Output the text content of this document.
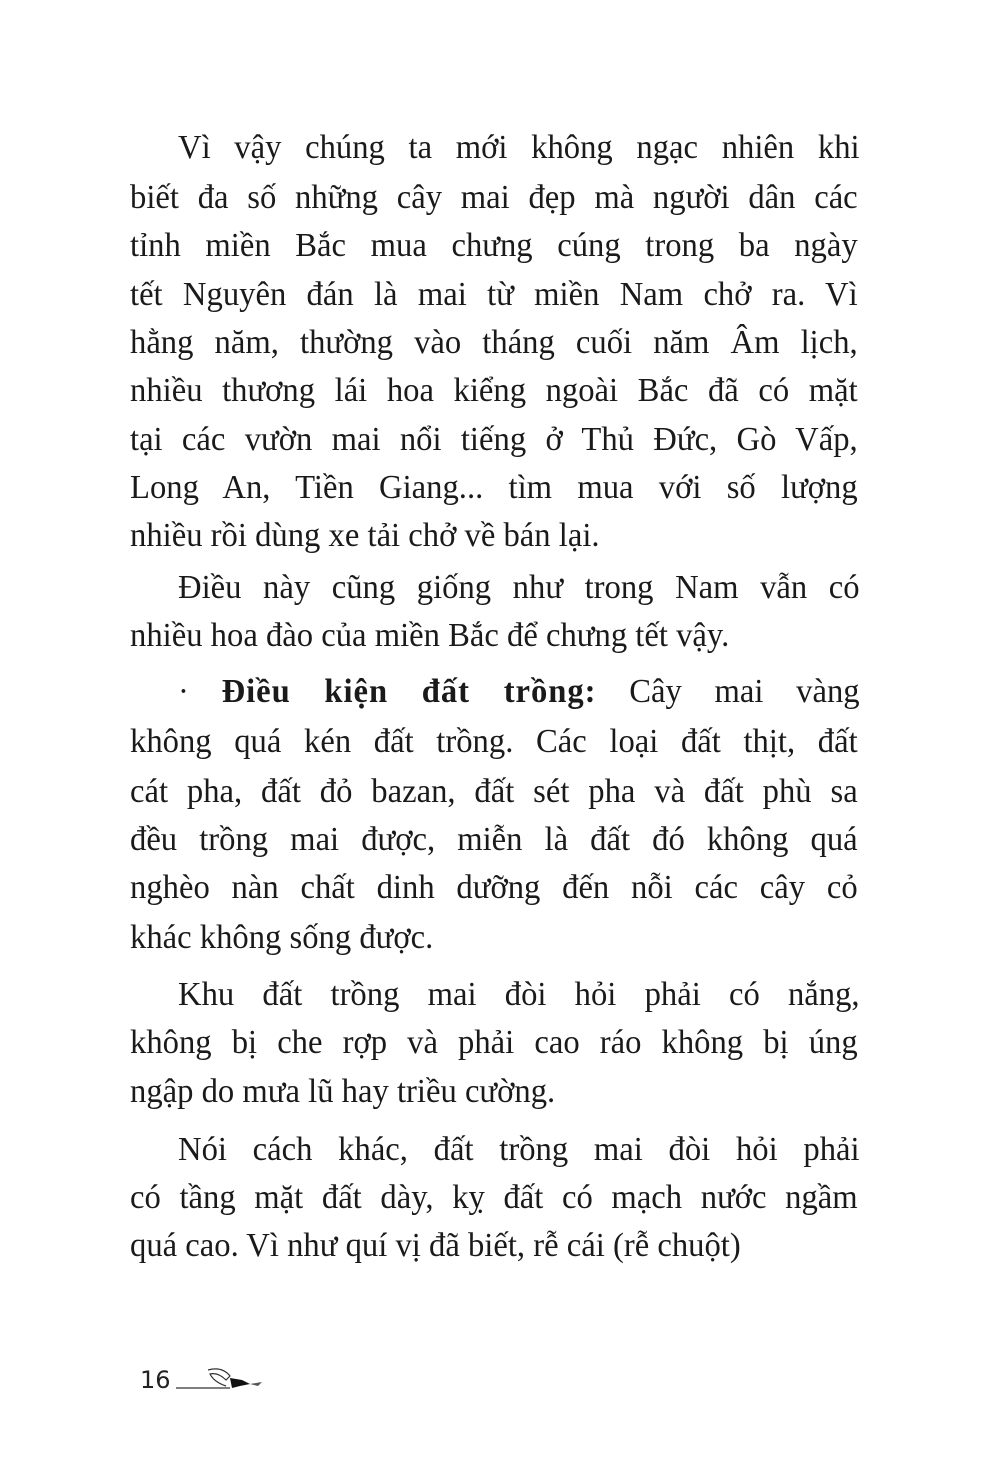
Vì vậy chúng ta mới không ngạc nhiên khi
biết đa số những cây mai đẹp mà người dân các
tỉnh miền Bắc mua chưng cúng trong ba ngày
tết Nguyên đán là mai từ miền Nam chở ra. Vì
hằng năm, thường vào tháng cuối năm Âm lịch,
nhiều thương lái hoa kiểng ngoài Bắc đã có mặt
tại các vườn mai nổi tiếng ở Thủ Đức, Gò Vấp,
Long An, Tiền Giang... tìm mua với số lượng
nhiều rồi dùng xe tải chở về bán lại.
Điều này cũng giống như trong Nam vẫn có
nhiều hoa đào của miền Bắc để chưng tết vậy.
· Điều kiện đất trồng: Cây mai vàng
không quá kén đất trồng. Các loại đất thịt, đất
cát pha, đất đỏ bazan, đất sét pha và đất phù sa
đều trồng mai được, miễn là đất đó không quá
nghèo nàn chất dinh dưỡng đến nỗi các cây cỏ
khác không sống được.
Khu đất trồng mai đòi hỏi phải có nắng,
không bị che rợp và phải cao ráo không bị úng
ngập do mưa lũ hay triều cường.
Nói cách khác, đất trồng mai đòi hỏi phải
có tầng mặt đất dày, kỵ đất có mạch nước ngầm
quá cao. Vì như quí vị đã biết, rễ cái (rễ chuột)
16
